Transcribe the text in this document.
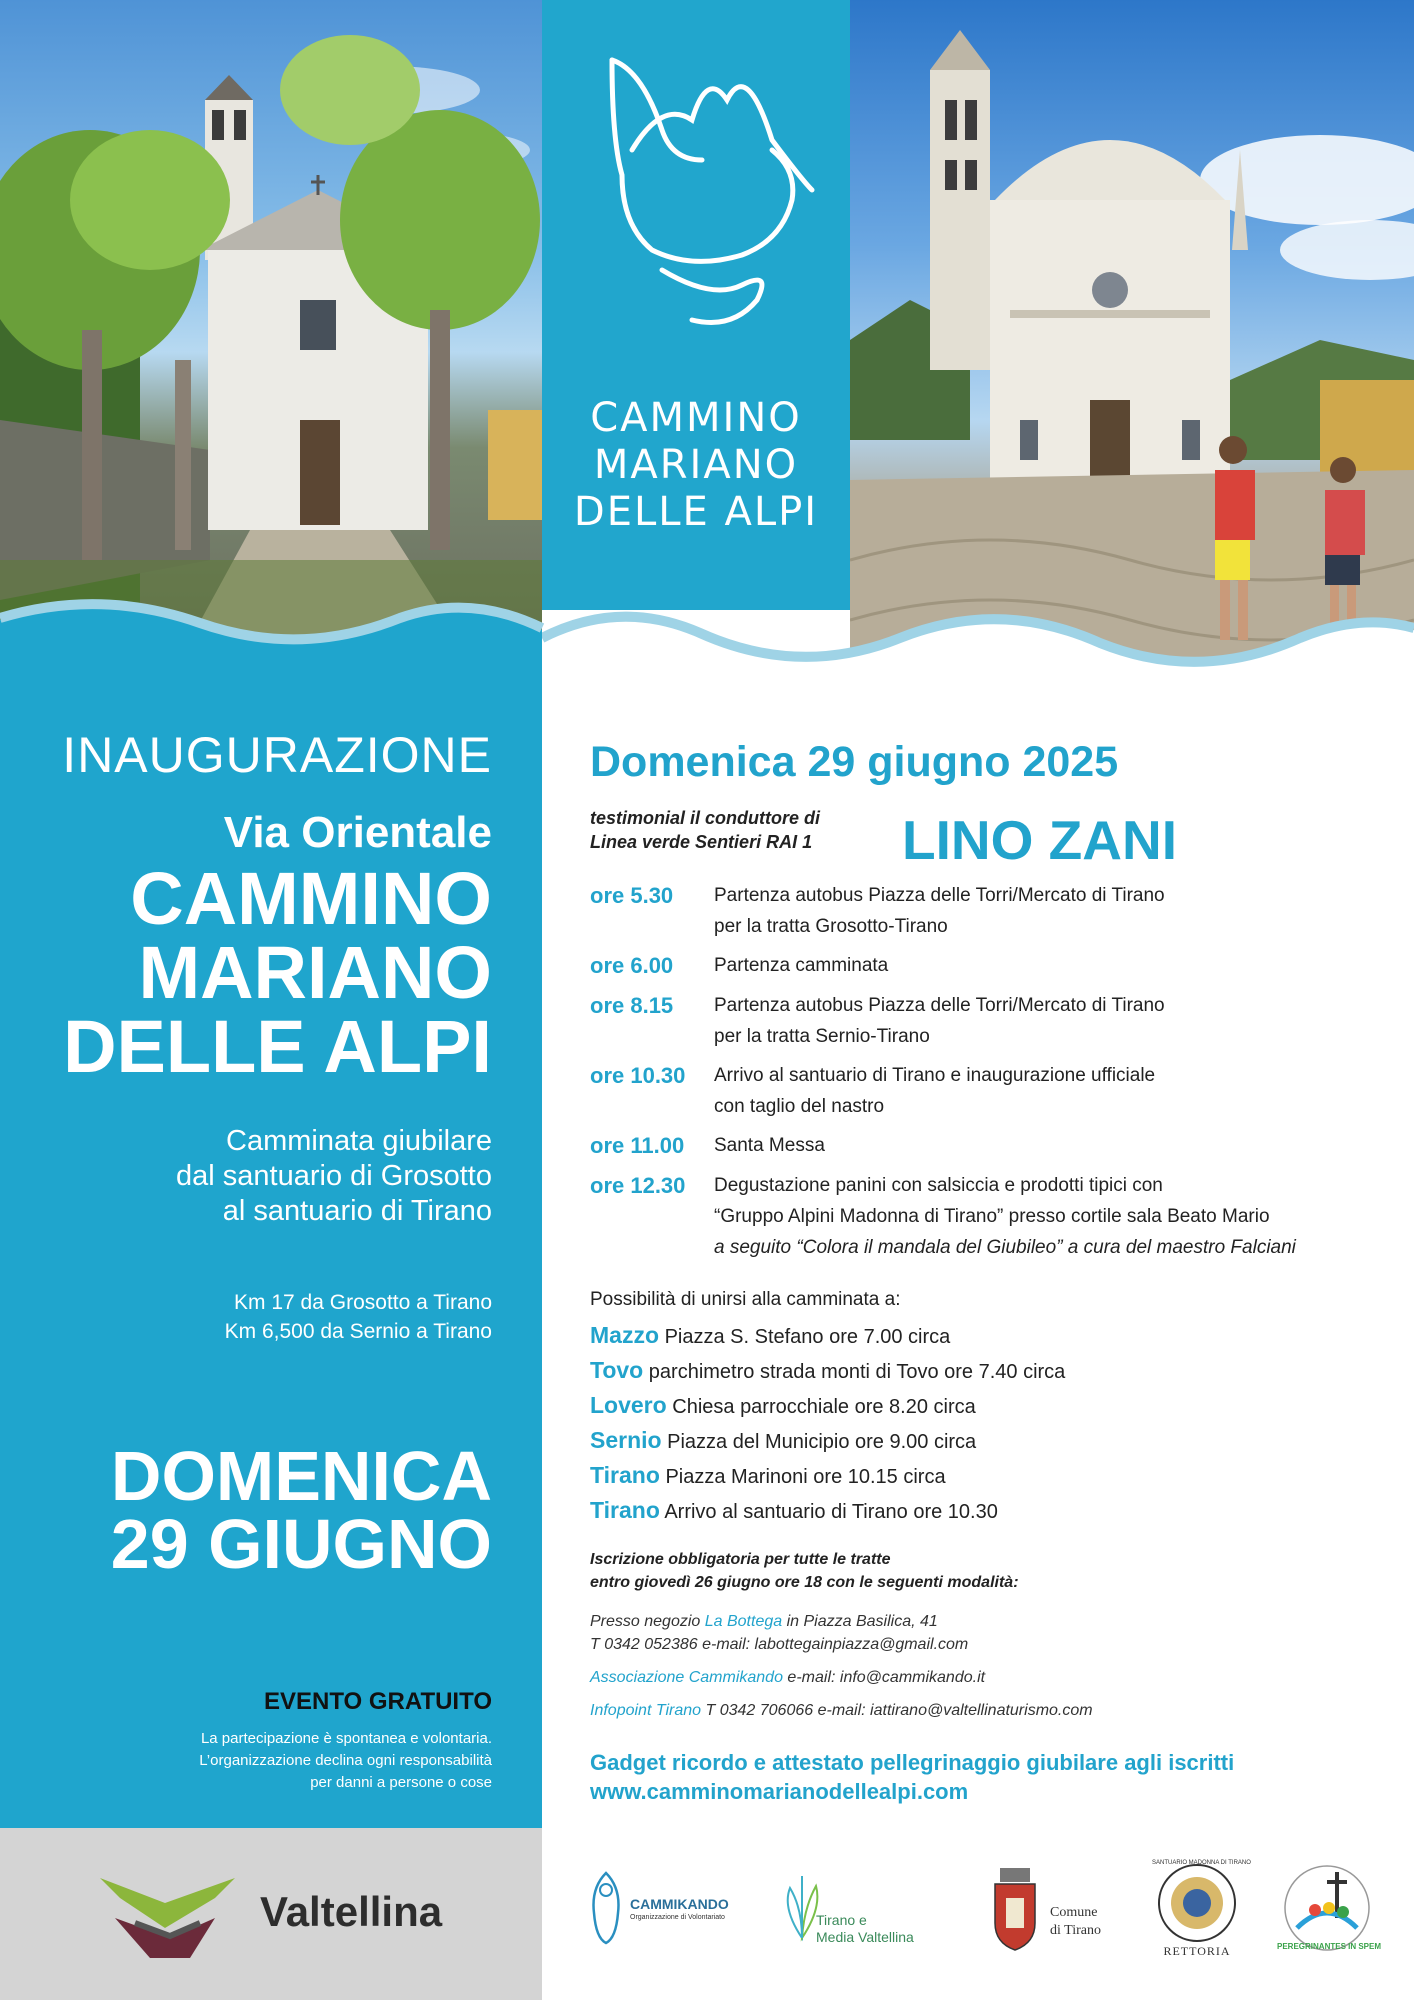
CAMMINO
MARIANO
DELLE ALPI
INAUGURAZIONE
Via Orientale
CAMMINO
MARIANO
DELLE ALPI
Camminata giubilare
dal santuario di Grosotto
al santuario di Tirano
Km 17 da Grosotto a Tirano
Km 6,500 da Sernio a Tirano
DOMENICA
29 GIUGNO
EVENTO GRATUITO
La partecipazione è spontanea e volontaria.
L’organizzazione declina ogni responsabilità
per danni a persone o cose
Domenica 29 giugno 2025
testimonial il conduttore di
Linea verde Sentieri RAI 1 LINO ZANI
ore 5.30	Partenza autobus Piazza delle Torri/Mercato di Tirano
per la tratta Grosotto-Tirano
ore 6.00	Partenza camminata
ore 8.15	Partenza autobus Piazza delle Torri/Mercato di Tirano
per la tratta Sernio-Tirano
ore 10.30	Arrivo al santuario di Tirano e inaugurazione ufficiale
con taglio del nastro
ore 11.00	Santa Messa
ore 12.30	Degustazione panini con salsiccia e prodotti tipici con
“Gruppo Alpini Madonna di Tirano” presso cortile sala Beato Mario
a seguito “Colora il mandala del Giubileo” a cura del maestro Falciani
Possibilità di unirsi alla camminata a:
Mazzo Piazza S. Stefano ore 7.00 circa
Tovo parchimetro strada monti di Tovo ore 7.40 circa
Lovero Chiesa parrocchiale ore 8.20 circa
Sernio Piazza del Municipio ore 9.00 circa
Tirano Piazza Marinoni ore 10.15 circa
Tirano Arrivo al santuario di Tirano ore 10.30
Iscrizione obbligatoria per tutte le tratte
entro giovedì 26 giugno ore 18 con le seguenti modalità:
Presso negozio La Bottega in Piazza Basilica, 41
T 0342 052386 e-mail: labottegainpiazza@gmail.com
Associazione Cammikando e-mail: info@cammikando.it
Infopoint Tirano T 0342 706066 e-mail: iattirano@valtellinaturismo.com
Gadget ricordo e attestato pellegrinaggio giubilare agli iscritti
www.camminomarianodellealpi.com
Valtellina	CAMMIKANDO
Organizzazione di Volontariato	Tirano e
Media Valtellina
Comune
di Tirano
SANTUARIO MADONNA DI TIRANO
RETTORIA	PEREGRINANTES IN SPEM
